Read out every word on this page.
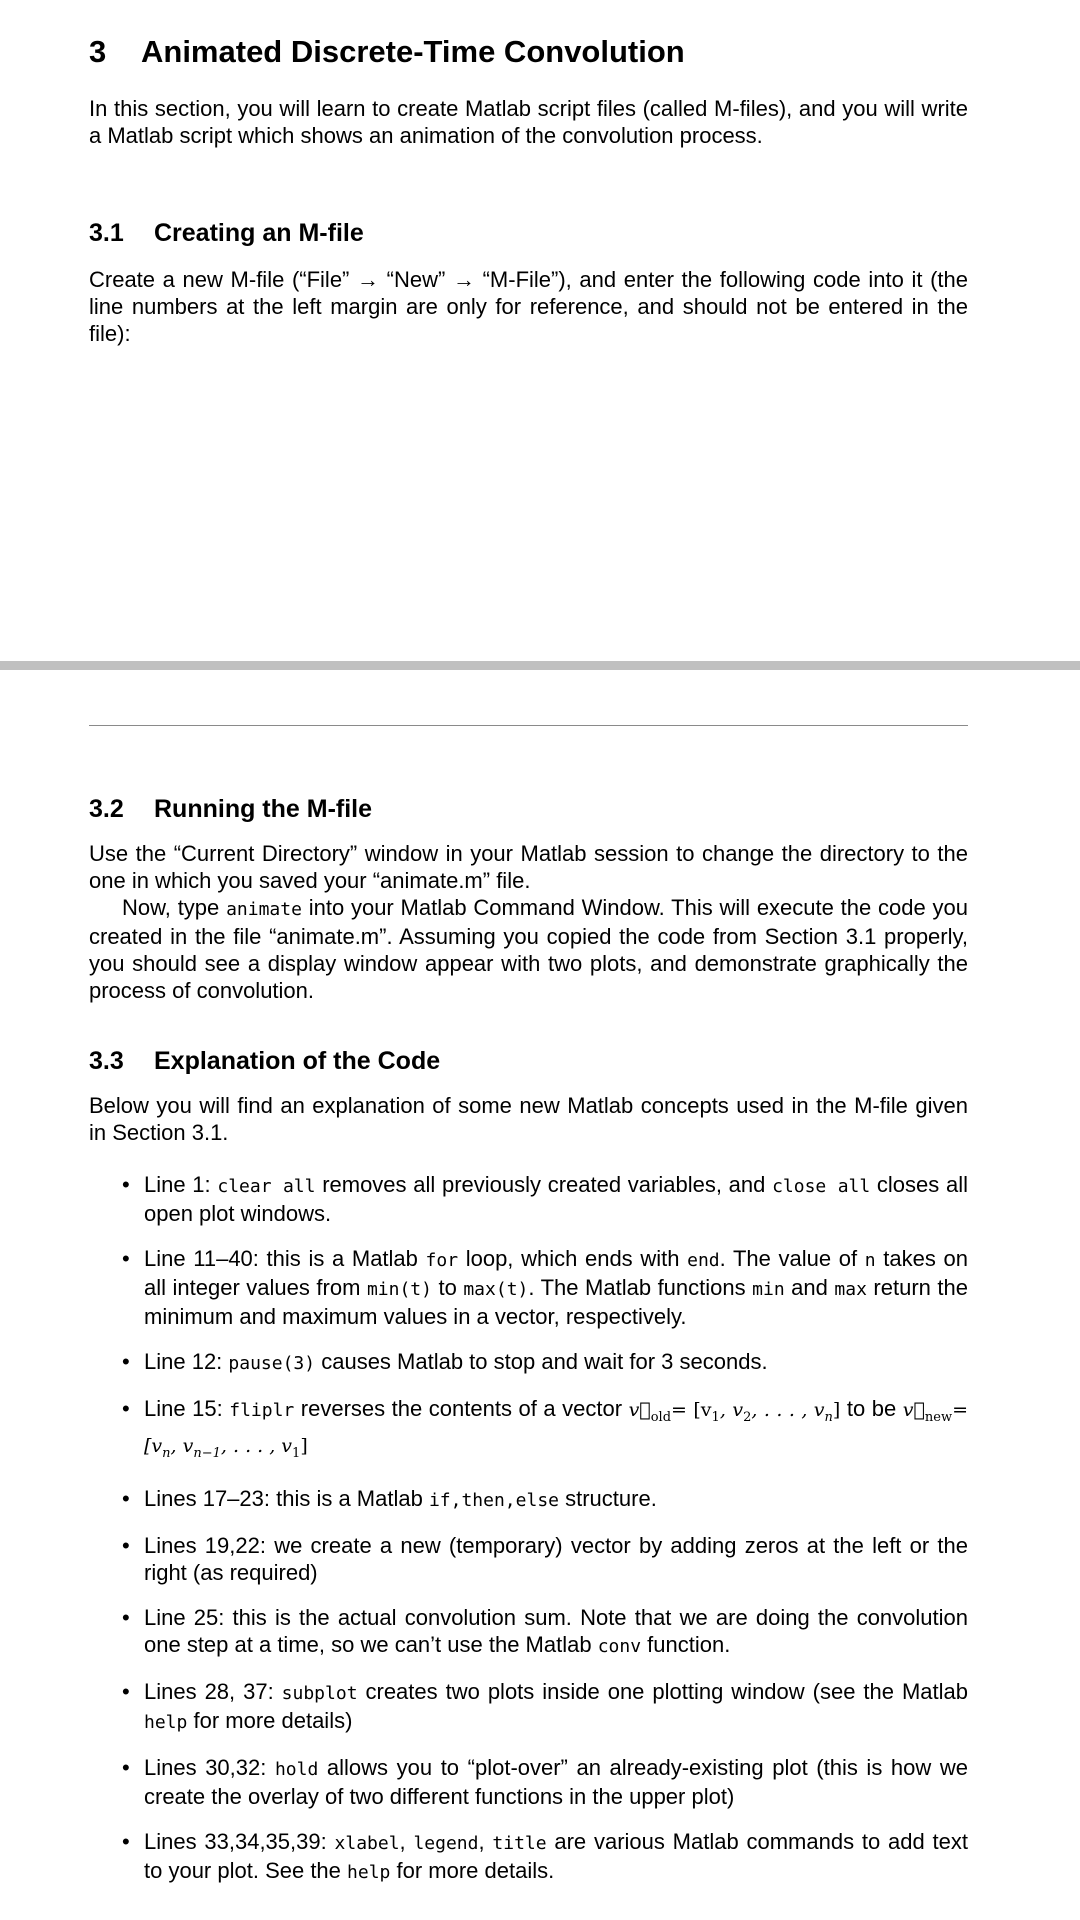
3 Animated Discrete-Time Convolution

In this section, you will learn to create Matlab script files (called M-files), and you will write a Matlab script which shows an animation of the convolution process.

3.1 Creating an M-file

Create a new M-file (“File” → “New” → “M-File”), and enter the following code into it (the line numbers at the left margin are only for reference, and should not be entered in the file):

3.2 Running the M-file

Use the “Current Directory” window in your Matlab session to change the directory to the one in which you saved your “animate.m” file.

Now, type animate into your Matlab Command Window. This will execute the code you created in the file “animate.m”. Assuming you copied the code from Section 3.1 properly, you should see a display window appear with two plots, and demonstrate graphically the process of convolution.

3.3 Explanation of the Code

Below you will find an explanation of some new Matlab concepts used in the M-file given in Section 3.1.

• Line 1: clear all removes all previously created variables, and close all closes all open plot windows.
• Line 11–40: this is a Matlab for loop, which ends with end. The value of n takes on all integer values from min(t) to max(t). The Matlab functions min and max return the minimum and maximum values in a vector, respectively.
• Line 12: pause(3) causes Matlab to stop and wait for 3 seconds.
• Line 15: fliplr reverses the contents of a vector $v⃗_{old}= [v_1$, $v_2$, . . . , $v_n$] to be $v⃗_{new}= [v_n$, $v_{n-1}$, . . . , $v_1$]
• Lines 17–23: this is a Matlab if,then,else structure.
• Lines 19,22: we create a new (temporary) vector by adding zeros at the left or the right (as required)
• Line 25: this is the actual convolution sum. Note that we are doing the convolution one step at a time, so we can’t use the Matlab conv function.
• Lines 28, 37: subplot creates two plots inside one plotting window (see the Matlab help for more details)
• Lines 30,32: hold allows you to “plot-over” an already-existing plot (this is how we create the overlay of two different functions in the upper plot)
• Lines 33,34,35,39: xlabel, legend, title are various Matlab commands to add text to your plot. See the help for more details.
